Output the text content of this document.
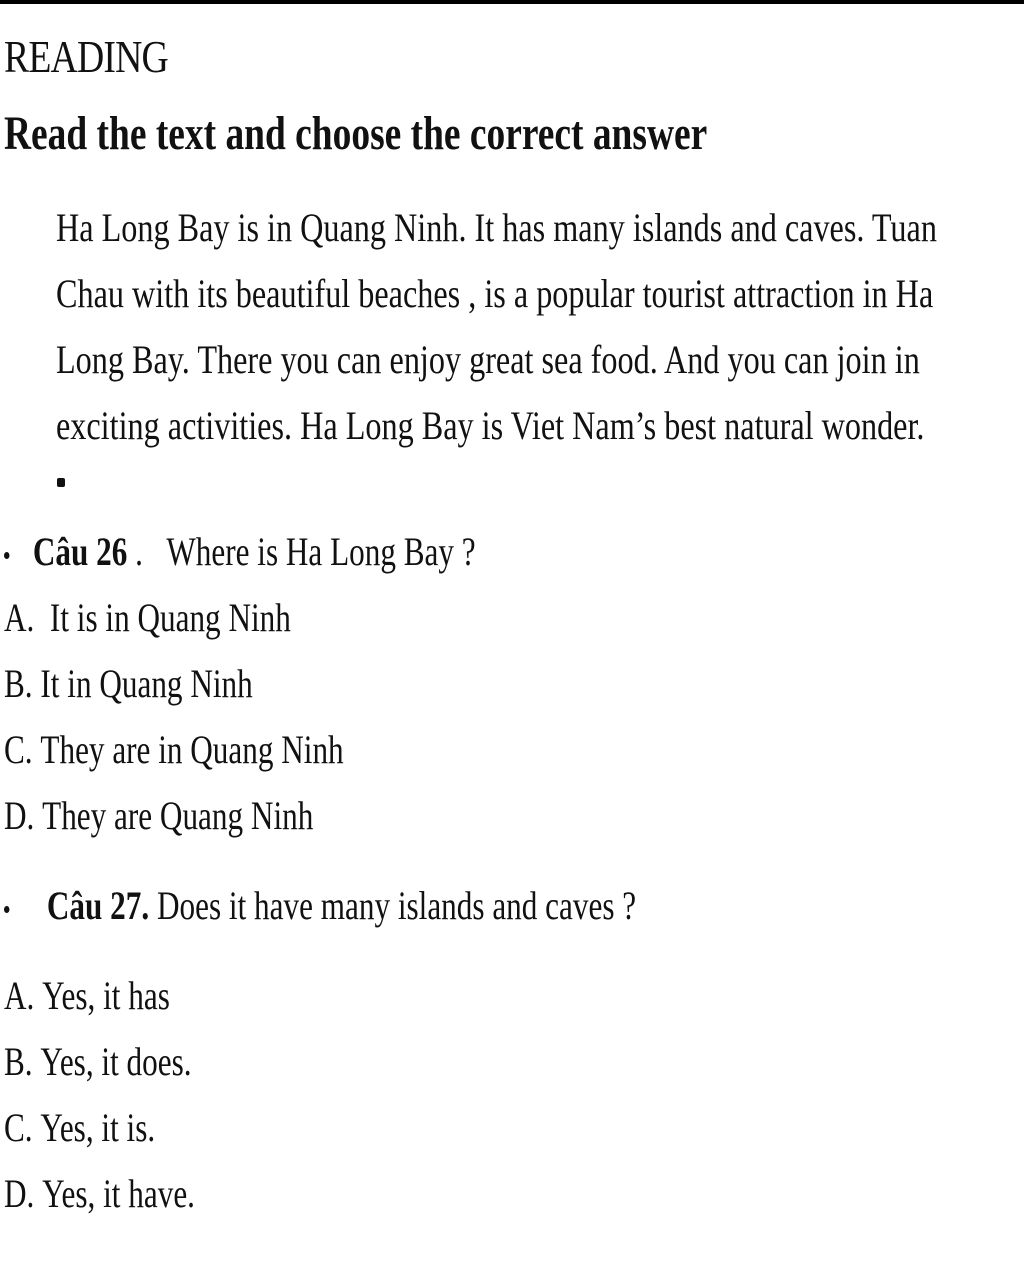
READING
Read the text and choose the correct answer
Ha Long Bay is in Quang Ninh. It has many islands and caves. Tuan Chau with its beautiful beaches , is a popular tourist attraction in Ha Long Bay. There you can enjoy great sea food. And you can join in exciting activities. Ha Long Bay is Viet Nam’s best natural wonder.
Câu 26 . Where is Ha Long Bay ?
A. It is in Quang Ninh
B. It in Quang Ninh
C. They are in Quang Ninh
D. They are Quang Ninh
Câu 27. Does it have many islands and caves ?
A. Yes, it has
B. Yes, it does.
C. Yes, it is.
D. Yes, it have.
